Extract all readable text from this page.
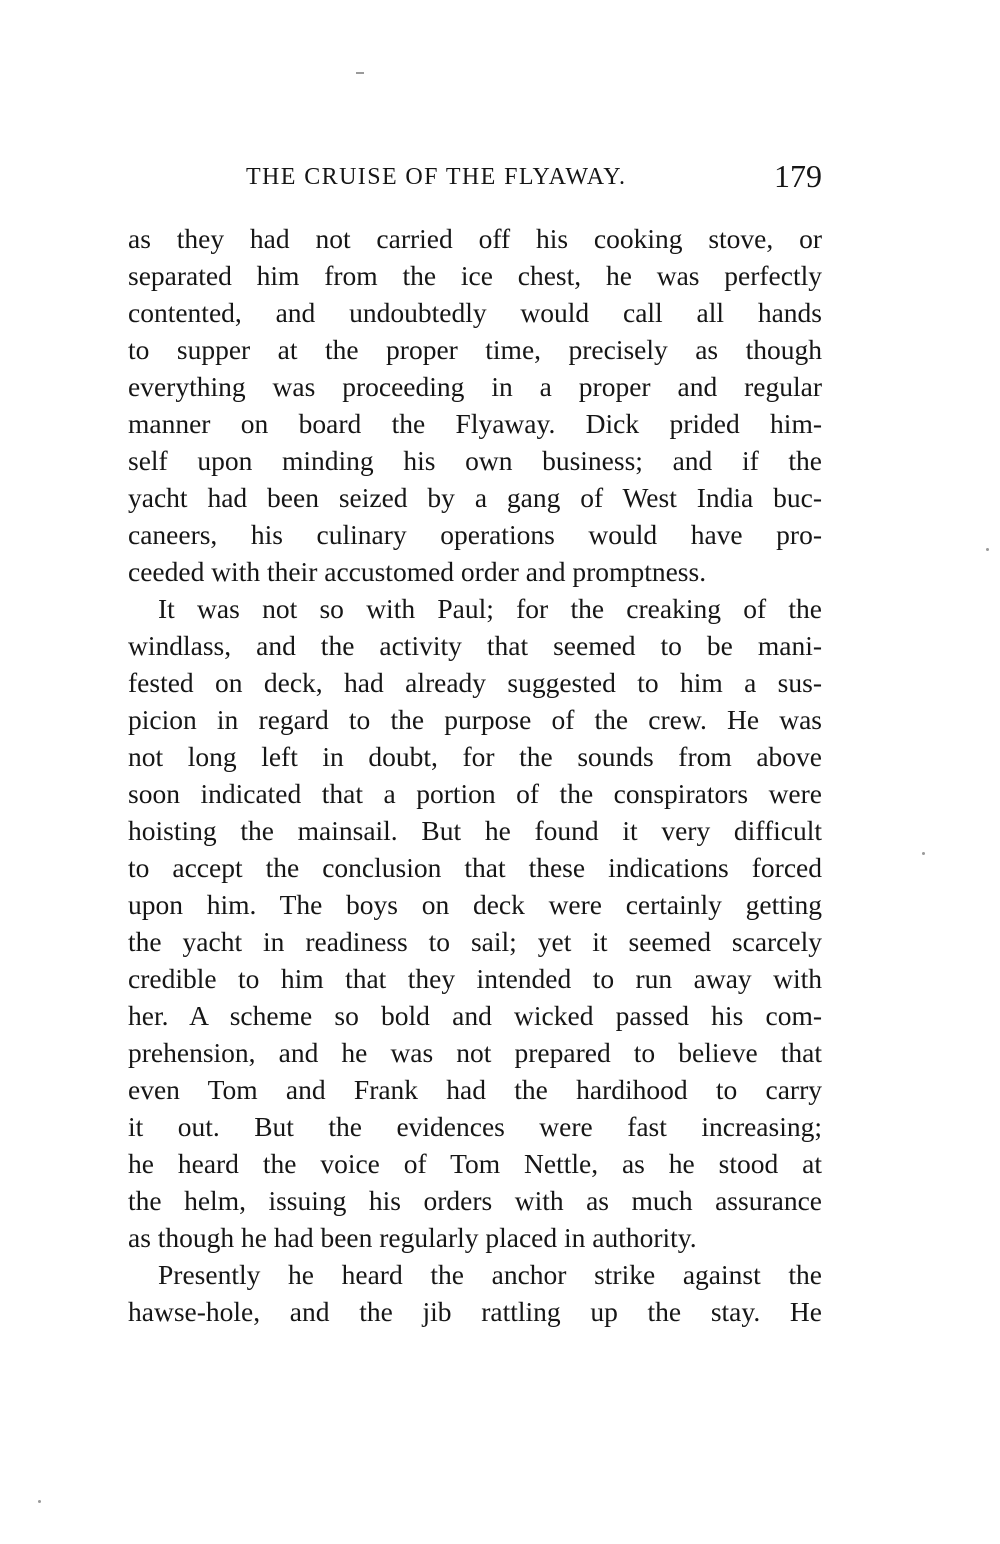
THE CRUISE OF THE FLYAWAY.	179
as they had not carried off his cooking stove, or
separated him from the ice chest, he was perfectly
contented, and undoubtedly would call all hands
to supper at the proper time, precisely as though
everything was proceeding in a proper and regular
manner on board the Flyaway. Dick prided him-
self upon minding his own business; and if the
yacht had been seized by a gang of West India buc-
caneers, his culinary operations would have pro-
ceeded with their accustomed order and promptness.
It was not so with Paul; for the creaking of the
windlass, and the activity that seemed to be mani-
fested on deck, had already suggested to him a sus-
picion in regard to the purpose of the crew. He was
not long left in doubt, for the sounds from above
soon indicated that a portion of the conspirators were
hoisting the mainsail. But he found it very difficult
to accept the conclusion that these indications forced
upon him. The boys on deck were certainly getting
the yacht in readiness to sail; yet it seemed scarcely
credible to him that they intended to run away with
her. A scheme so bold and wicked passed his com-
prehension, and he was not prepared to believe that
even Tom and Frank had the hardihood to carry
it out. But the evidences were fast increasing;
he heard the voice of Tom Nettle, as he stood at
the helm, issuing his orders with as much assurance
as though he had been regularly placed in authority.
Presently he heard the anchor strike against the
hawse-hole, and the jib rattling up the stay. He
